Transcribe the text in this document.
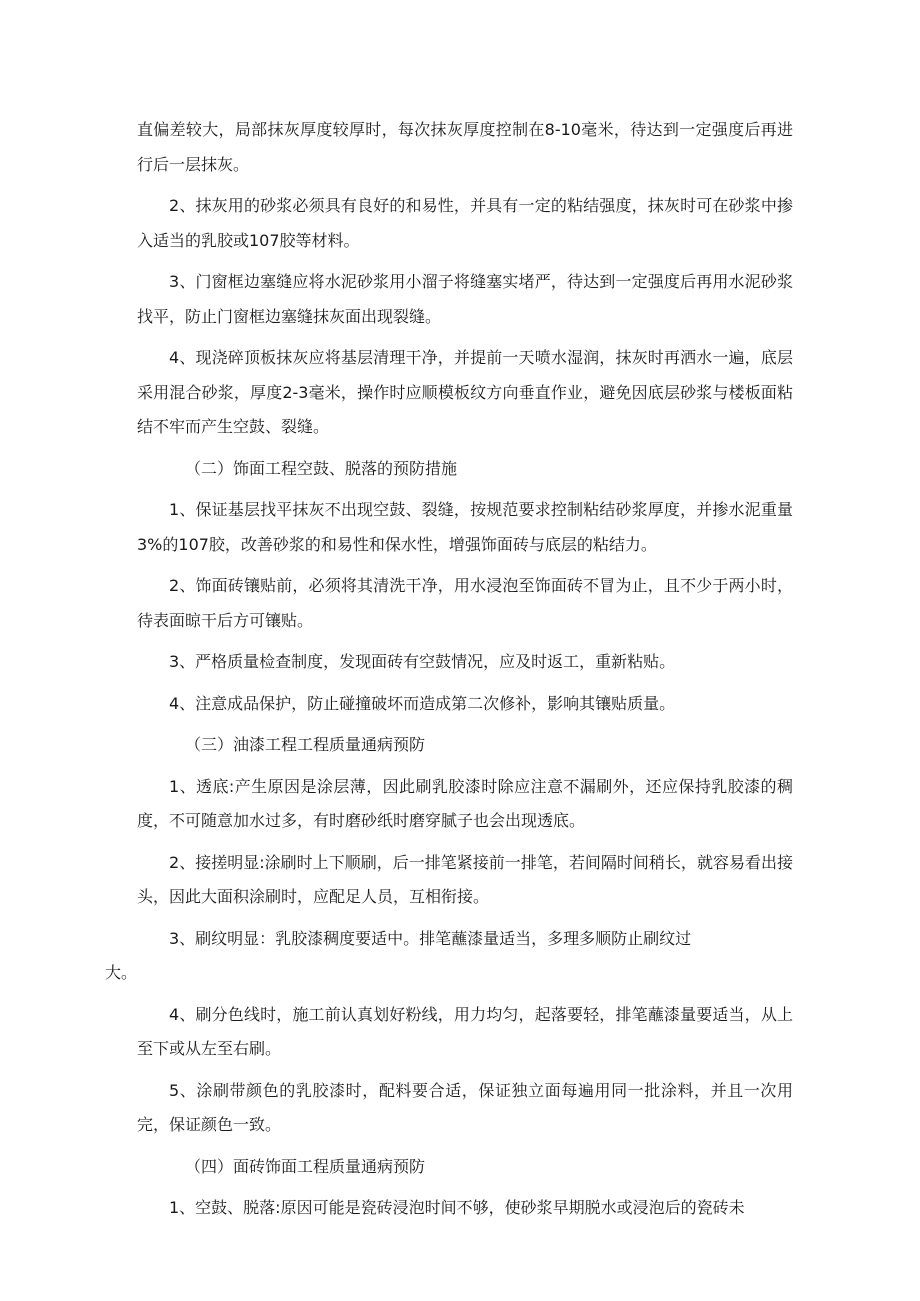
直偏差较大，局部抹灰厚度较厚时，每次抹灰厚度控制在8-10毫米，待达到一定强度后再进行后一层抹灰。

2、抹灰用的砂浆必须具有良好的和易性，并具有一定的粘结强度，抹灰时可在砂浆中掺入适当的乳胶或107胶等材料。

3、门窗框边塞缝应将水泥砂浆用小溜子将缝塞实堵严，待达到一定强度后再用水泥砂浆找平，防止门窗框边塞缝抹灰面出现裂缝。

4、现浇碎顶板抹灰应将基层清理干净，并提前一天喷水湿润，抹灰时再洒水一遍，底层采用混合砂浆，厚度2-3毫米，操作时应顺模板纹方向垂直作业，避免因底层砂浆与楼板面粘结不牢而产生空鼓、裂缝。

（二）饰面工程空鼓、脱落的预防措施

1、保证基层找平抹灰不出现空鼓、裂缝，按规范要求控制粘结砂浆厚度，并掺水泥重量3%的107胶，改善砂浆的和易性和保水性，增强饰面砖与底层的粘结力。

2、饰面砖镶贴前，必须将其清洗干净，用水浸泡至饰面砖不冒为止，且不少于两小时，待表面晾干后方可镶贴。

3、严格质量检查制度，发现面砖有空鼓情况，应及时返工，重新粘贴。

4、注意成品保护，防止碰撞破坏而造成第二次修补，影响其镶贴质量。

（三）油漆工程工程质量通病预防

1、透底:产生原因是涂层薄，因此刷乳胶漆时除应注意不漏刷外，还应保持乳胶漆的稠度，不可随意加水过多，有时磨砂纸时磨穿腻子也会出现透底。

2、接搓明显:涂刷时上下顺刷，后一排笔紧接前一排笔，若间隔时间稍长，就容易看出接头，因此大面积涂刷时，应配足人员，互相衔接。

3、刷纹明显：乳胶漆稠度要适中。排笔蘸漆量适当，多理多顺防止刷纹过
大。

4、刷分色线时，施工前认真划好粉线，用力均匀，起落要轻，排笔蘸漆量要适当，从上至下或从左至右刷。

5、涂刷带颜色的乳胶漆时，配料要合适，保证独立面每遍用同一批涂料，并且一次用完，保证颜色一致。

（四）面砖饰面工程质量通病预防

1、空鼓、脱落:原因可能是瓷砖浸泡时间不够，使砂浆早期脱水或浸泡后的瓷砖未
